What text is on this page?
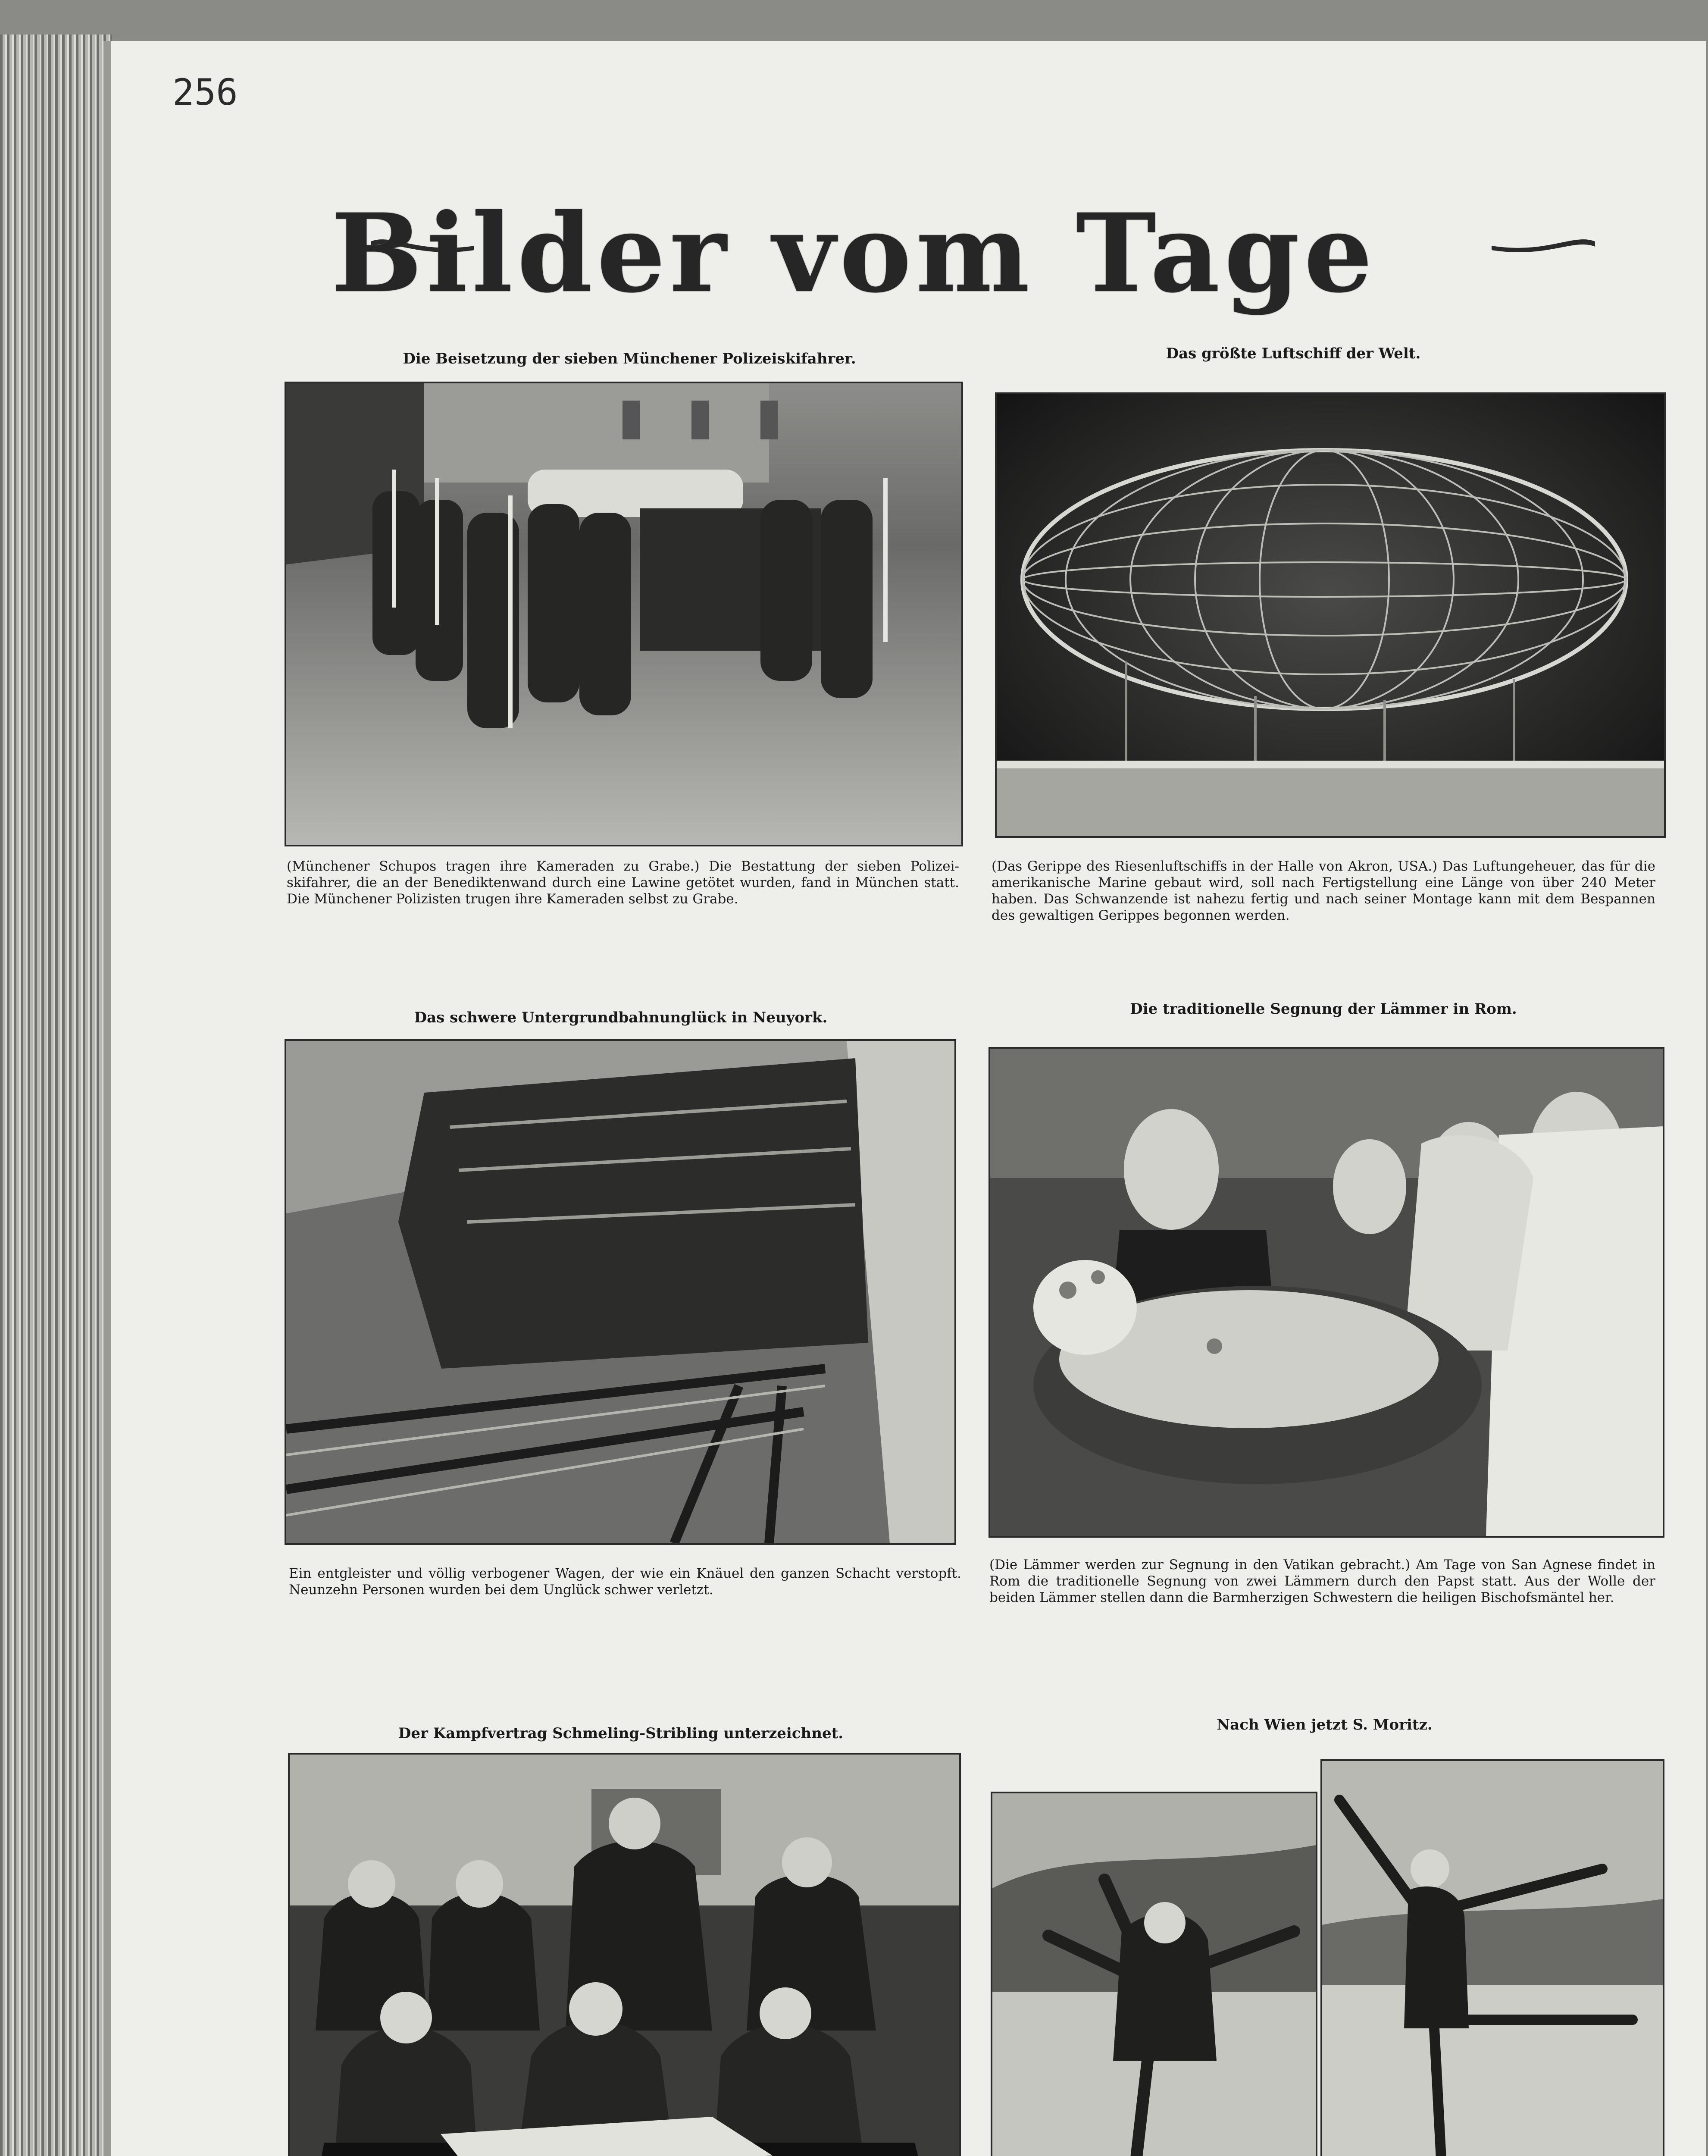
256
Bilder vom Tage
Die Beisetzung der sieben Münchener Polizeiskifahrer.
(Münchener Schupos tragen ihre Kameraden zu Grabe.) Die Bestattung der sieben Polizei-skifahrer, die an der Benediktenwand durch eine Lawine getötet wurden, fand in München statt. Die Münchener Polizisten trugen ihre Kameraden selbst zu Grabe.
Das größte Luftschiff der Welt.
(Das Gerippe des Riesenluftschiffs in der Halle von Akron, USA.) Das Luftungeheuer, das für die amerikanische Marine gebaut wird, soll nach Fertigstellung eine Länge von über 240 Meter haben. Das Schwanzende ist nahezu fertig und nach seiner Montage kann mit dem Bespannen des gewaltigen Gerippes begonnen werden.
Das schwere Untergrundbahnunglück in Neuyork.
Ein entgleister und völlig verbogener Wagen, der wie ein Knäuel den ganzen Schacht verstopft. Neunzehn Personen wurden bei dem Unglück schwer verletzt.
Die traditionelle Segnung der Lämmer in Rom.
(Die Lämmer werden zur Segnung in den Vatikan gebracht.) Am Tage von San Agnese findet in Rom die traditionelle Segnung von zwei Lämmern durch den Papst statt. Aus der Wolle der beiden Lämmer stellen dann die Barmherzigen Schwestern die heiligen Bischofsmäntel her.
Der Kampfvertrag Schmeling-Stribling unterzeichnet.	Nach Wien jetzt S. Moritz.
